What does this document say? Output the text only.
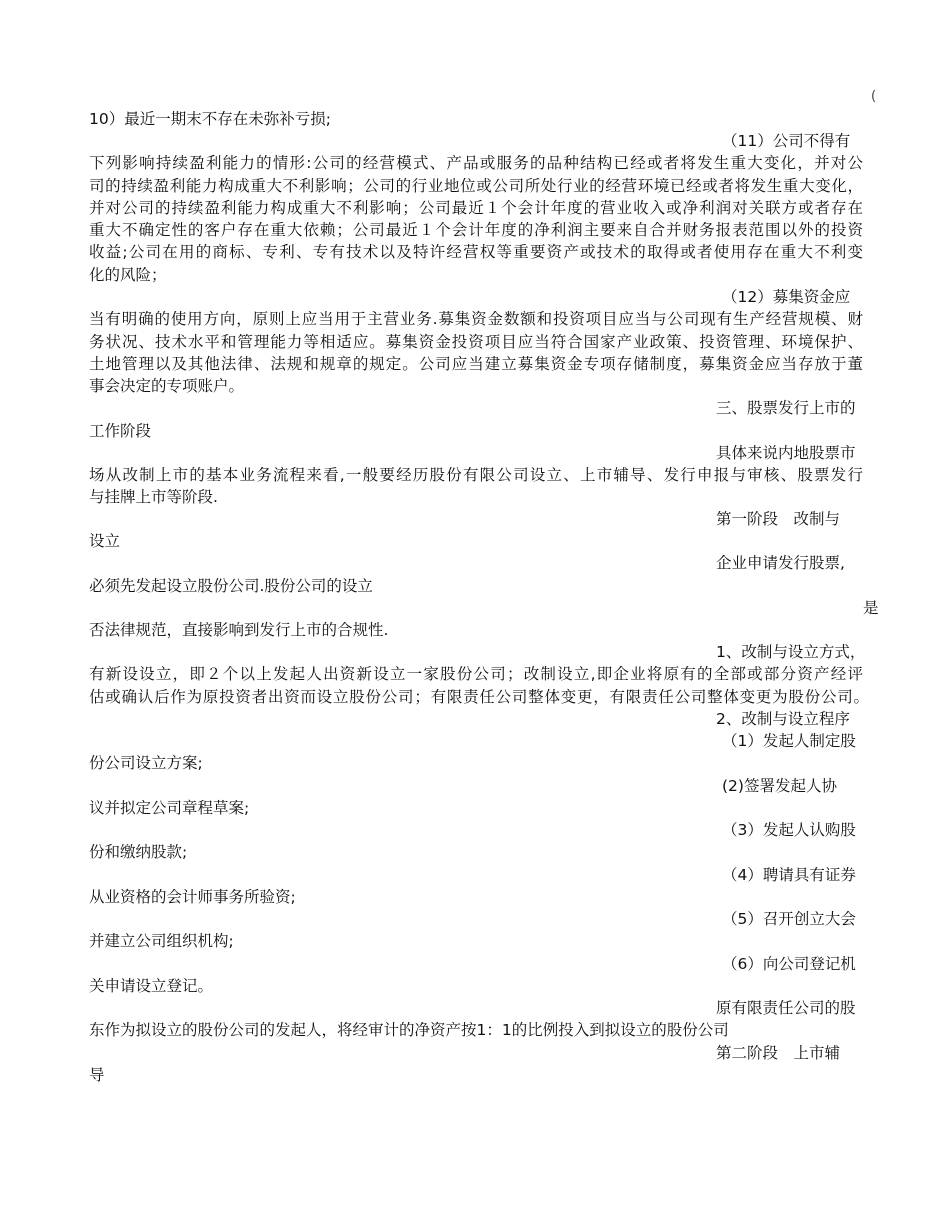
(
10）最近一期末不存在未弥补亏损;
（11）公司不得有
下列影响持续盈利能力的情形:公司的经营模式、产品或服务的品种结构已经或者将发生重大变化，并对公
司的持续盈利能力构成重大不利影响；公司的行业地位或公司所处行业的经营环境已经或者将发生重大变化，
并对公司的持续盈利能力构成重大不利影响；公司最近１个会计年度的营业收入或净利润对关联方或者存在
重大不确定性的客户存在重大依赖；公司最近１个会计年度的净利润主要来自合并财务报表范围以外的投资
收益;公司在用的商标、专利、专有技术以及特许经营权等重要资产或技术的取得或者使用存在重大不利变
化的风险；
（12）募集资金应
当有明确的使用方向，原则上应当用于主营业务.募集资金数额和投资项目应当与公司现有生产经营规模、财
务状况、技术水平和管理能力等相适应。募集资金投资项目应当符合国家产业政策、投资管理、环境保护、
土地管理以及其他法律、法规和规章的规定。公司应当建立募集资金专项存储制度，募集资金应当存放于董
事会决定的专项账户。
三、股票发行上市的
工作阶段
具体来说内地股票市
场从改制上市的基本业务流程来看,一般要经历股份有限公司设立、上市辅导、发行申报与审核、股票发行
与挂牌上市等阶段.
第一阶段　改制与
设立
企业申请发行股票,
必须先发起设立股份公司.股份公司的设立
是
否法律规范，直接影响到发行上市的合规性.
1、改制与设立方式，
有新设设立，即２个以上发起人出资新设立一家股份公司；改制设立,即企业将原有的全部或部分资产经评
估或确认后作为原投资者出资而设立股份公司；有限责任公司整体变更，有限责任公司整体变更为股份公司。
2、改制与设立程序
（1）发起人制定股
份公司设立方案;
(2)签署发起人协
议并拟定公司章程草案;
（3）发起人认购股
份和缴纳股款;
（4）聘请具有证券
从业资格的会计师事务所验资;
（5）召开创立大会
并建立公司组织机构;
（6）向公司登记机
关申请设立登记。
原有限责任公司的股
东作为拟设立的股份公司的发起人，将经审计的净资产按1：1的比例投入到拟设立的股份公司
第二阶段　上市辅
导
